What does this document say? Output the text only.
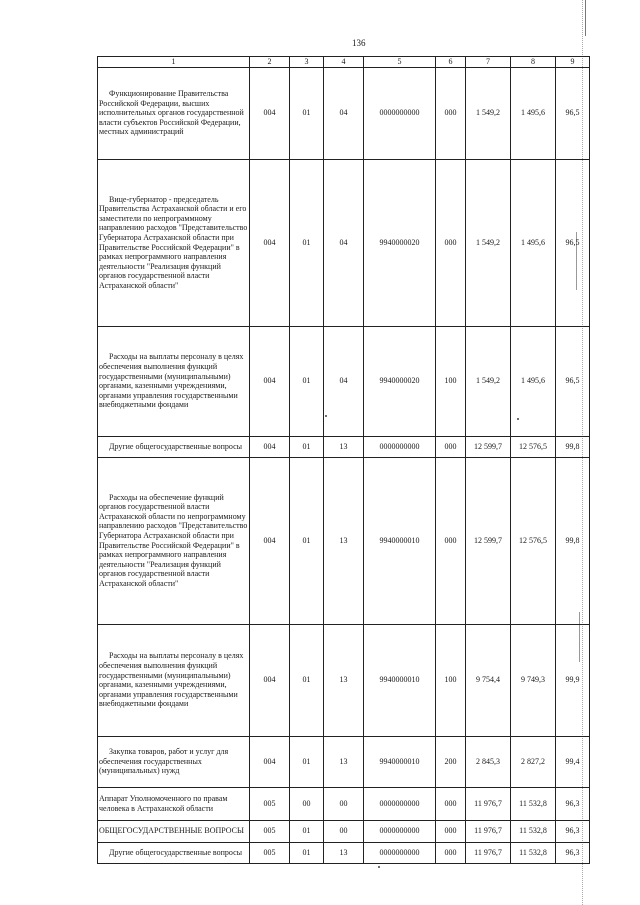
136
1	2	3	4	5	6	7	8	9
Функционирование Правительства Российской Федерации, высших исполнительных органов государственной власти субъектов Российской Федерации, местных администраций	004	01	04	0000000000	000	1 549,2	1 495,6	96,5
Вице-губернатор - председатель Правительства Астраханской области и его заместители по непрограммному направлению расходов "Представительство Губернатора Астраханской области при Правительстве Российской Федерации" в рамках непрограммного направления деятельности "Реализация функций органов государственной власти Астраханской области"	004	01	04	9940000020	000	1 549,2	1 495,6	96,5
Расходы на выплаты персоналу в целях обеспечения выполнения функций государственными (муниципальными) органами, казенными учреждениями, органами управления государственными внебюджетными фондами	004	01	04	9940000020	100	1 549,2	1 495,6	96,5
Другие общегосударственные вопросы	004	01	13	0000000000	000	12 599,7	12 576,5	99,8
Расходы на обеспечение функций органов государственной власти Астраханской области по непрограммному направлению расходов "Представительство Губернатора Астраханской области при Правительстве Российской Федерации" в рамках непрограммного направления деятельности "Реализация функций органов государственной власти Астраханской области"	004	01	13	9940000010	000	12 599,7	12 576,5	99,8
Расходы на выплаты персоналу в целях обеспечения выполнения функций государственными (муниципальными) органами, казенными учреждениями, органами управления государственными внебюджетными фондами	004	01	13	9940000010	100	9 754,4	9 749,3	99,9
Закупка товаров, работ и услуг для обеспечения государственных (муниципальных) нужд	004	01	13	9940000010	200	2 845,3	2 827,2	99,4
Аппарат Уполномоченного по правам человека в Астраханской области	005	00	00	0000000000	000	11 976,7	11 532,8	96,3
ОБЩЕГОСУДАРСТВЕННЫЕ ВОПРОСЫ	005	01	00	0000000000	000	11 976,7	11 532,8	96,3
Другие общегосударственные вопросы	005	01	13	0000000000	000	11 976,7	11 532,8	96,3
